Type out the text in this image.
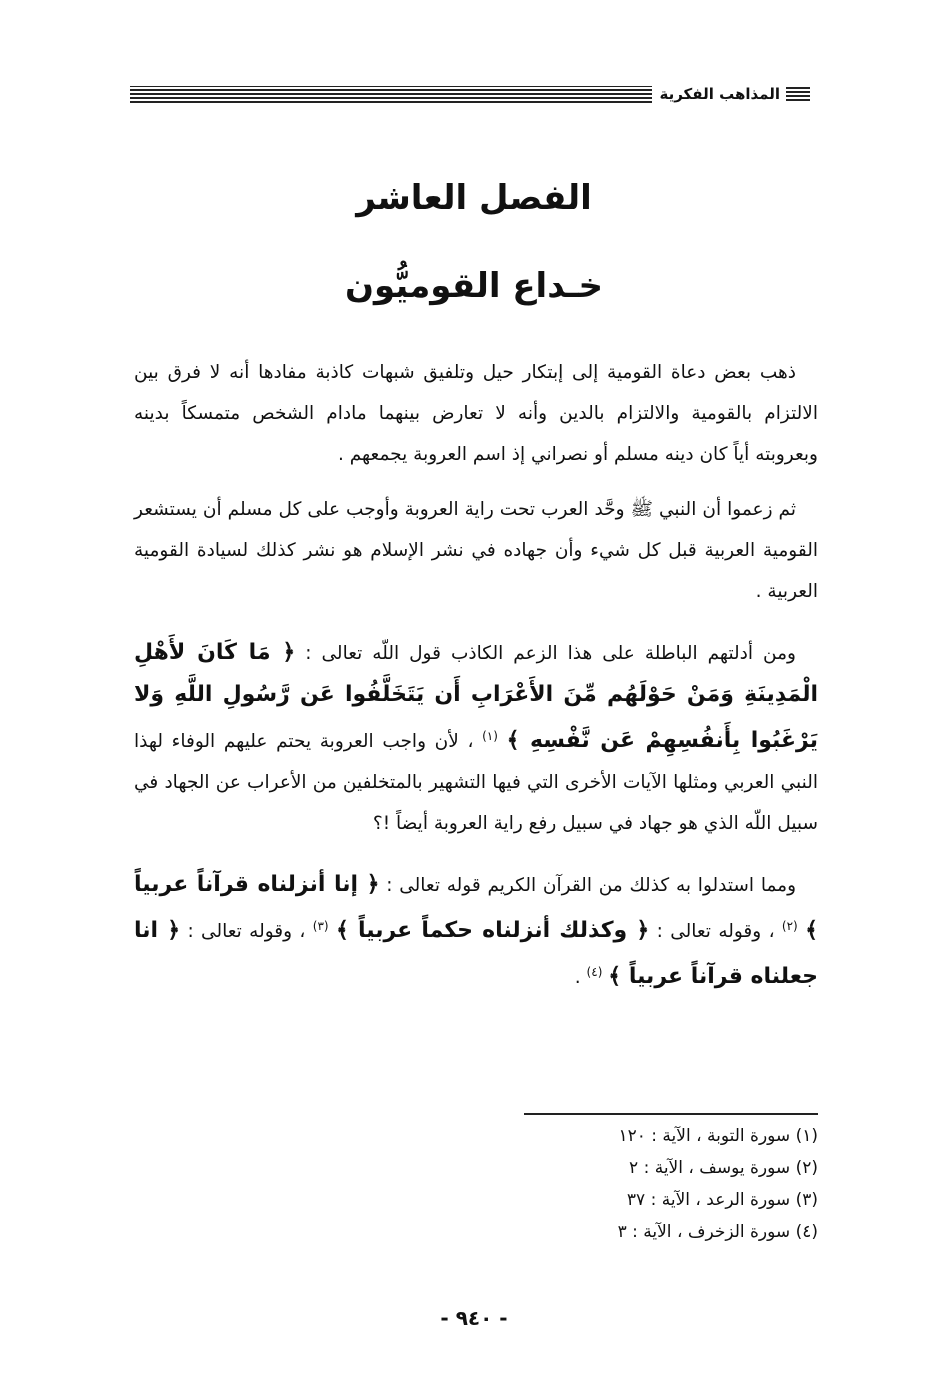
المذاهب الفكرية
الفصل العاشر
خـداع القوميُّون

ذهب بعض دعاة القومية إلى إبتكار حيل وتلفيق شبهات كاذبة مفادها أنه لا فرق بين الالتزام بالقومية والالتزام بالدين وأنه لا تعارض بينهما مادام الشخص متمسكاً بدينه وبعروبته أياً كان دينه مسلم أو نصراني إذ اسم العروبة يجمعهم .

ثم زعموا أن النبي ﷺ وحَّد العرب تحت راية العروبة وأوجب على كل مسلم أن يستشعر القومية العربية قبل كل شيء وأن جهاده في نشر الإسلام هو نشر كذلك لسيادة القومية العربية .

ومن أدلتهم الباطلة على هذا الزعم الكاذب قول اللّه تعالى : ﴿ مَا كَانَ لأَهْلِ الْمَدِينَةِ وَمَنْ حَوْلَهُم مِّنَ الأَعْرَابِ أَن يَتَخَلَّفُوا عَن رَّسُولِ اللَّهِ وَلا يَرْغَبُوا بِأَنفُسِهِمْ عَن نَّفْسِهِ ﴾ $^{(١)}$ ، لأن واجب العروبة يحتم عليهم الوفاء لهذا النبي العربي ومثلها الآيات الأخرى التي فيها التشهير بالمتخلفين من الأعراب عن الجهاد في سبيل اللّه الذي هو جهاد في سبيل رفع راية العروبة أيضاً !؟

ومما استدلوا به كذلك من القرآن الكريم قوله تعالى : ﴿ إنا أنزلناه قرآناً عربياً ﴾ $^{(٢)}$ ، وقوله تعالى : ﴿ وكذلك أنزلناه حكماً عربياً ﴾ $^{(٣)}$ ، وقوله تعالى : ﴿ انا جعلناه قرآناً عربياً ﴾ $^{(٤)}$ .

(١) سورة التوبة ، الآية : ١٢٠

(٢) سورة يوسف ، الآية : ٢

(٣) سورة الرعد ، الآية : ٣٧

(٤) سورة الزخرف ، الآية : ٣

- ٩٤٠ -
